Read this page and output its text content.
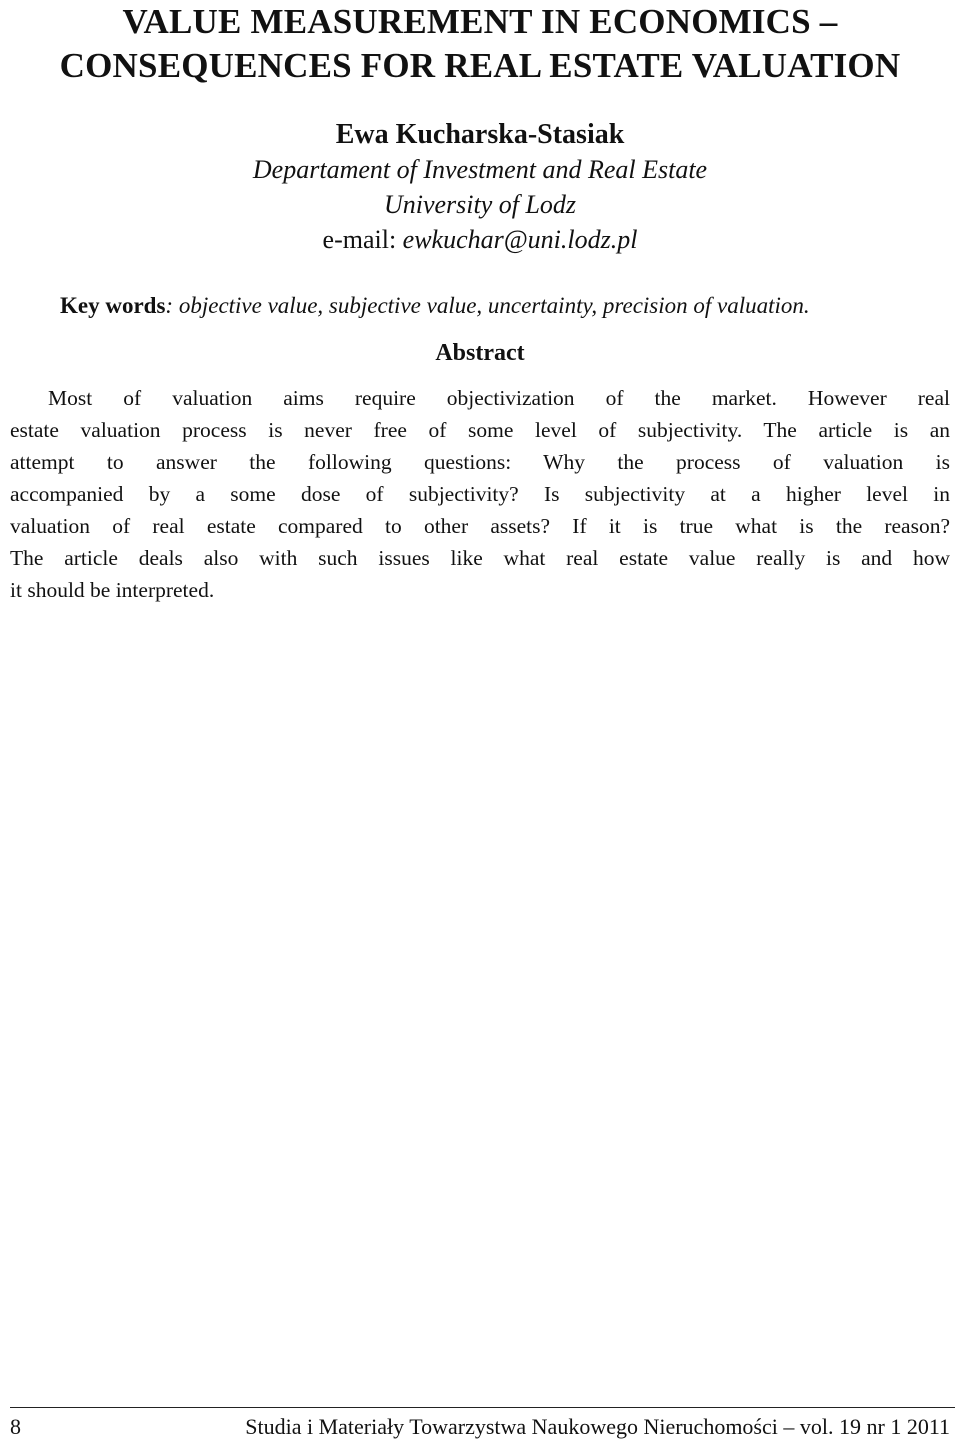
VALUE MEASUREMENT IN ECONOMICS –
CONSEQUENCES FOR REAL ESTATE VALUATION
Ewa Kucharska-Stasiak
Departament of Investment and Real Estate
University of Lodz
e-mail: ewkuchar@uni.lodz.pl
Key words: objective value, subjective value, uncertainty, precision of valuation.
Abstract
Most of valuation aims require objectivization of the market. However real
estate valuation process is never free of some level of subjectivity. The article is an
attempt to answer the following questions: Why the process of valuation is
accompanied by a some dose of subjectivity? Is subjectivity at a higher level in
valuation of real estate compared to other assets? If it is true what is the reason?
The article deals also with such issues like what real estate value really is and how
it should be interpreted.
8	Studia i Materiały Towarzystwa Naukowego Nieruchomości – vol. 19 nr 1 2011
